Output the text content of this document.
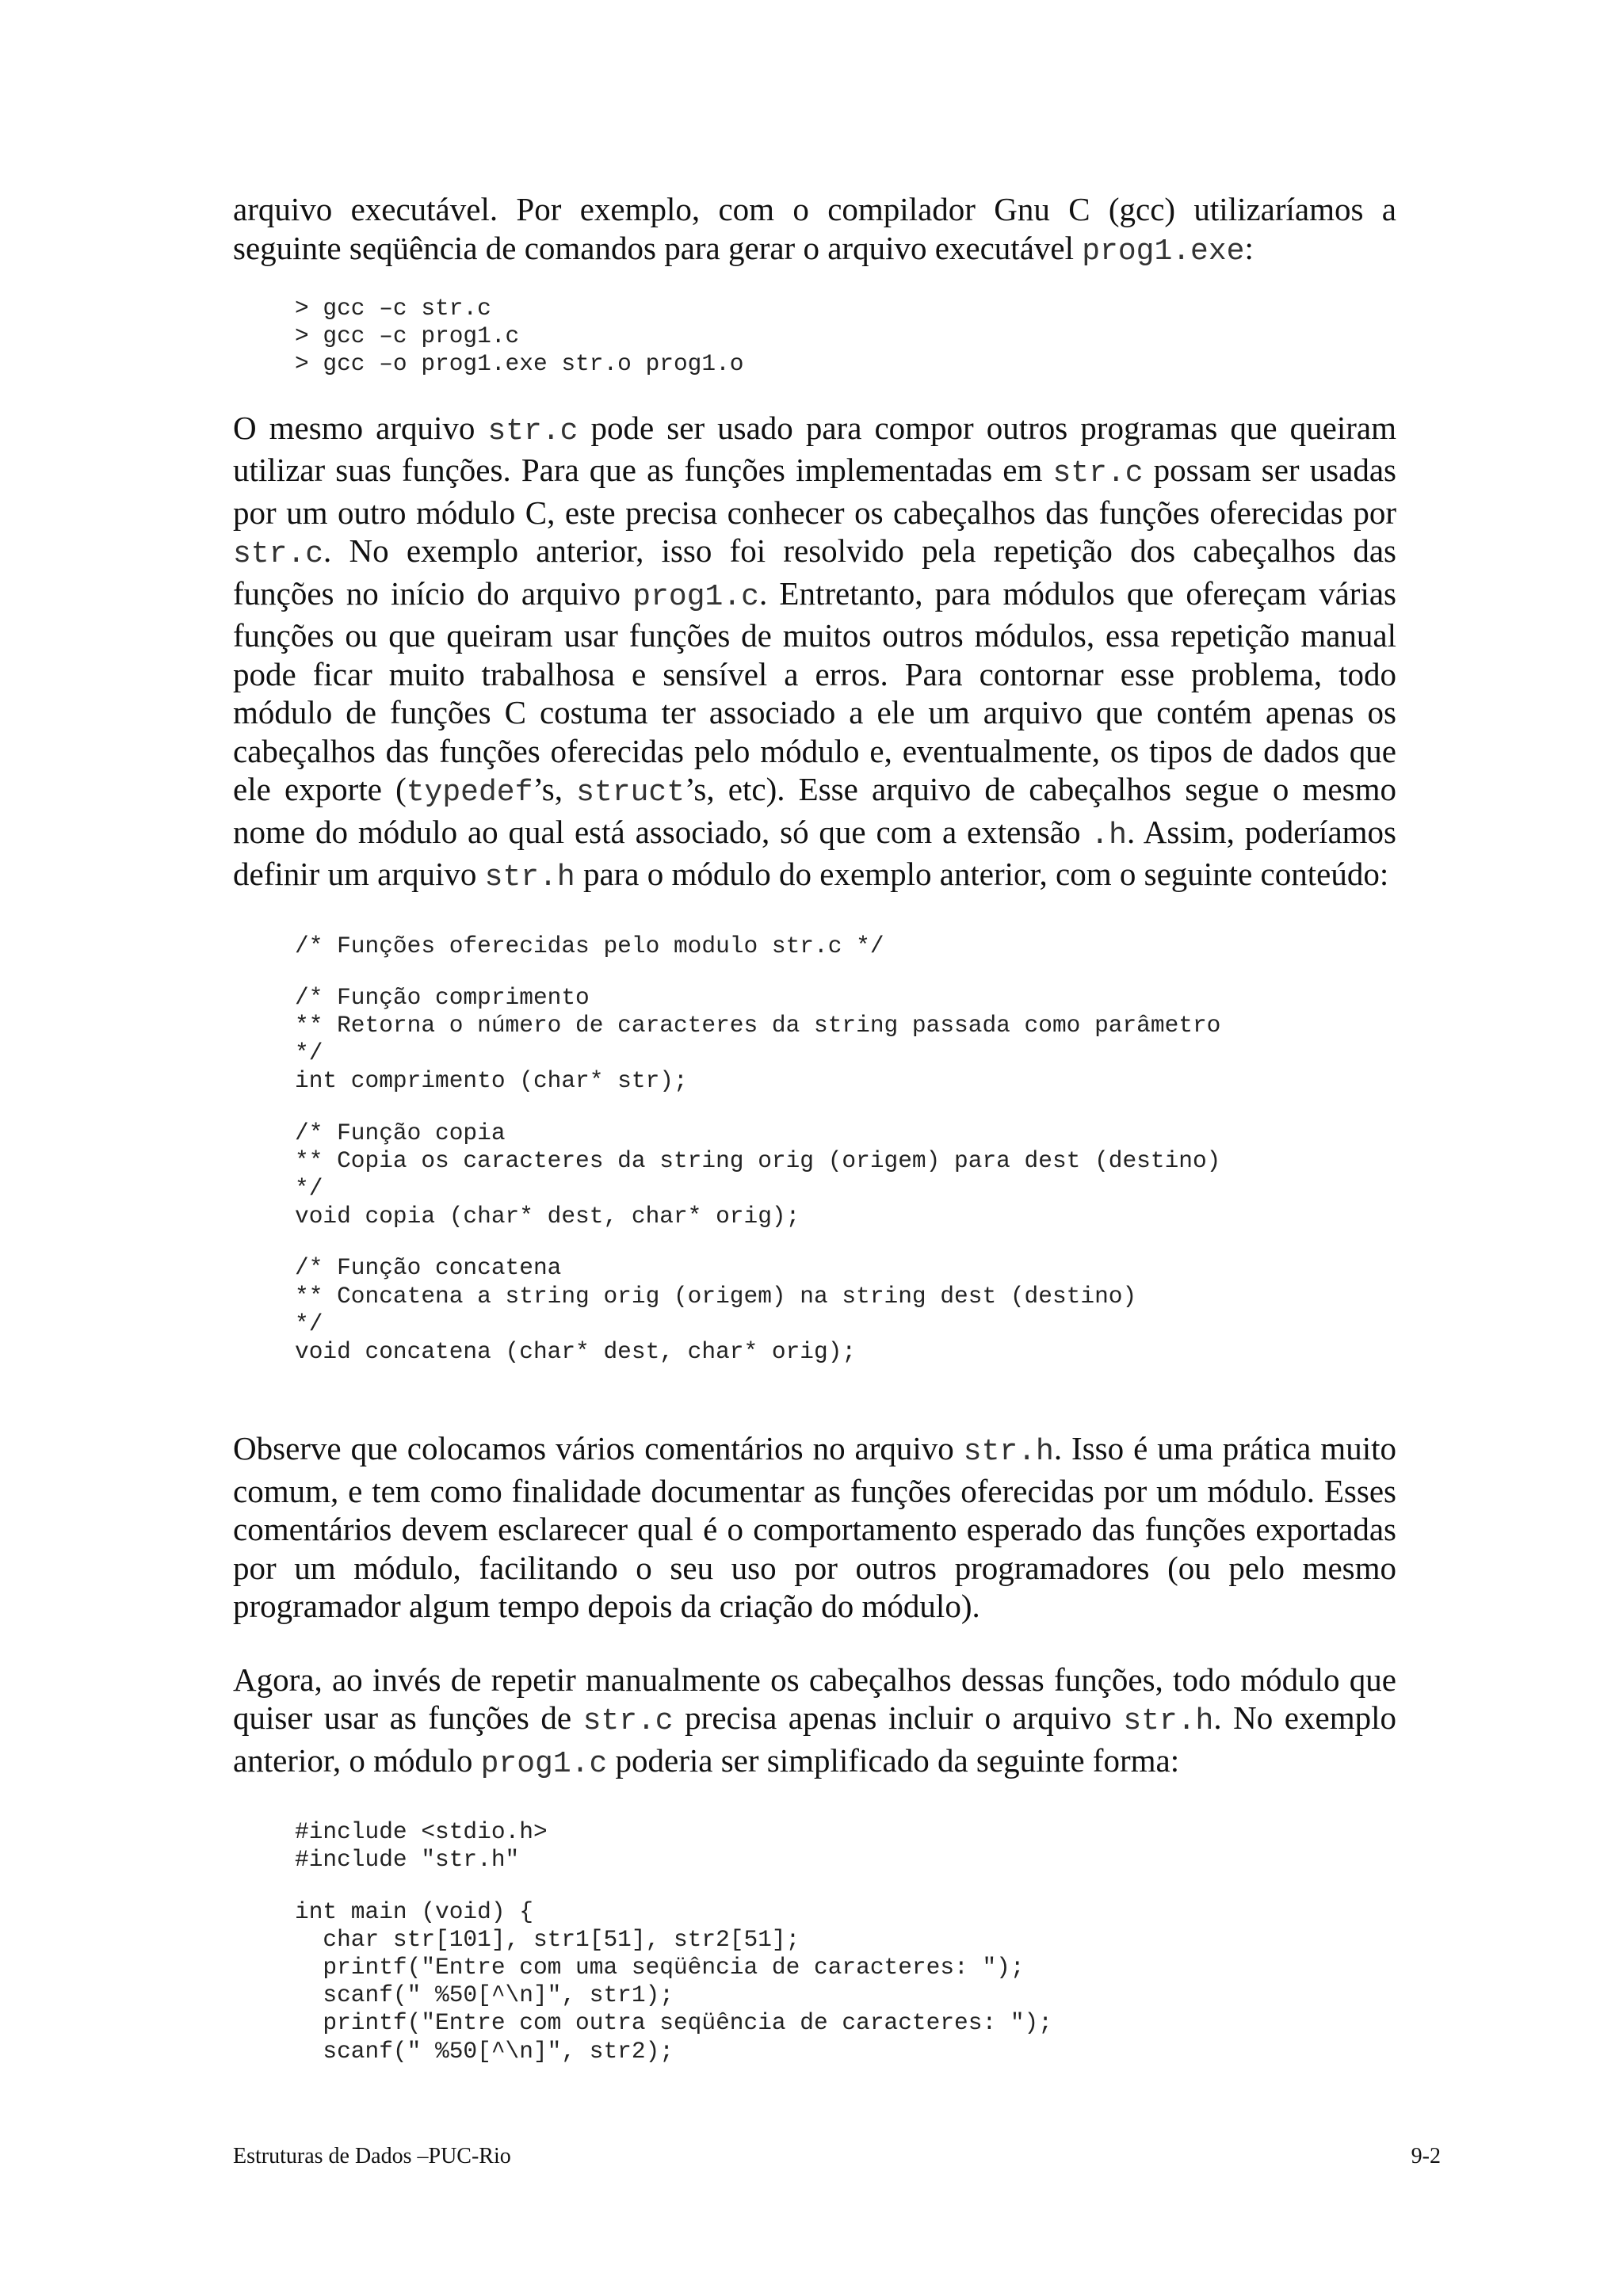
arquivo executável. Por exemplo, com o compilador Gnu C (gcc) utilizaríamos a seguinte seqüência de comandos para gerar o arquivo executável prog1.exe:

> gcc –c str.c
> gcc –c prog1.c
> gcc –o prog1.exe str.o prog1.o

O mesmo arquivo str.c pode ser usado para compor outros programas que queiram utilizar suas funções. Para que as funções implementadas em str.c possam ser usadas por um outro módulo C, este precisa conhecer os cabeçalhos das funções oferecidas por str.c. No exemplo anterior, isso foi resolvido pela repetição dos cabeçalhos das funções no início do arquivo prog1.c. Entretanto, para módulos que ofereçam várias funções ou que queiram usar funções de muitos outros módulos, essa repetição manual pode ficar muito trabalhosa e sensível a erros. Para contornar esse problema, todo módulo de funções C costuma ter associado a ele um arquivo que contém apenas os cabeçalhos das funções oferecidas pelo módulo e, eventualmente, os tipos de dados que ele exporte (typedef’s, struct’s, etc). Esse arquivo de cabeçalhos segue o mesmo nome do módulo ao qual está associado, só que com a extensão .h. Assim, poderíamos definir um arquivo str.h para o módulo do exemplo anterior, com o seguinte conteúdo:

/* Funções oferecidas pelo modulo str.c */
/* Função comprimento
** Retorna o número de caracteres da string passada como parâmetro
*/
int comprimento (char* str);
/* Função copia
** Copia os caracteres da string orig (origem) para dest (destino)
*/
void copia (char* dest, char* orig);
/* Função concatena
** Concatena a string orig (origem) na string dest (destino)
*/
void concatena (char* dest, char* orig);

Observe que colocamos vários comentários no arquivo str.h. Isso é uma prática muito comum, e tem como finalidade documentar as funções oferecidas por um módulo. Esses comentários devem esclarecer qual é o comportamento esperado das funções exportadas por um módulo, facilitando o seu uso por outros programadores (ou pelo mesmo programador algum tempo depois da criação do módulo).

Agora, ao invés de repetir manualmente os cabeçalhos dessas funções, todo módulo que quiser usar as funções de str.c precisa apenas incluir o arquivo str.h. No exemplo anterior, o módulo prog1.c poderia ser simplificado da seguinte forma:

#include <stdio.h>
#include "str.h"
int main (void) {
char str[101], str1[51], str2[51];
printf("Entre com uma seqüência de caracteres: ");
scanf(" %50[^\n]", str1);
printf("Entre com outra seqüência de caracteres: ");
scanf(" %50[^\n]", str2);
Estruturas de Dados –PUC-Rio	9-2
